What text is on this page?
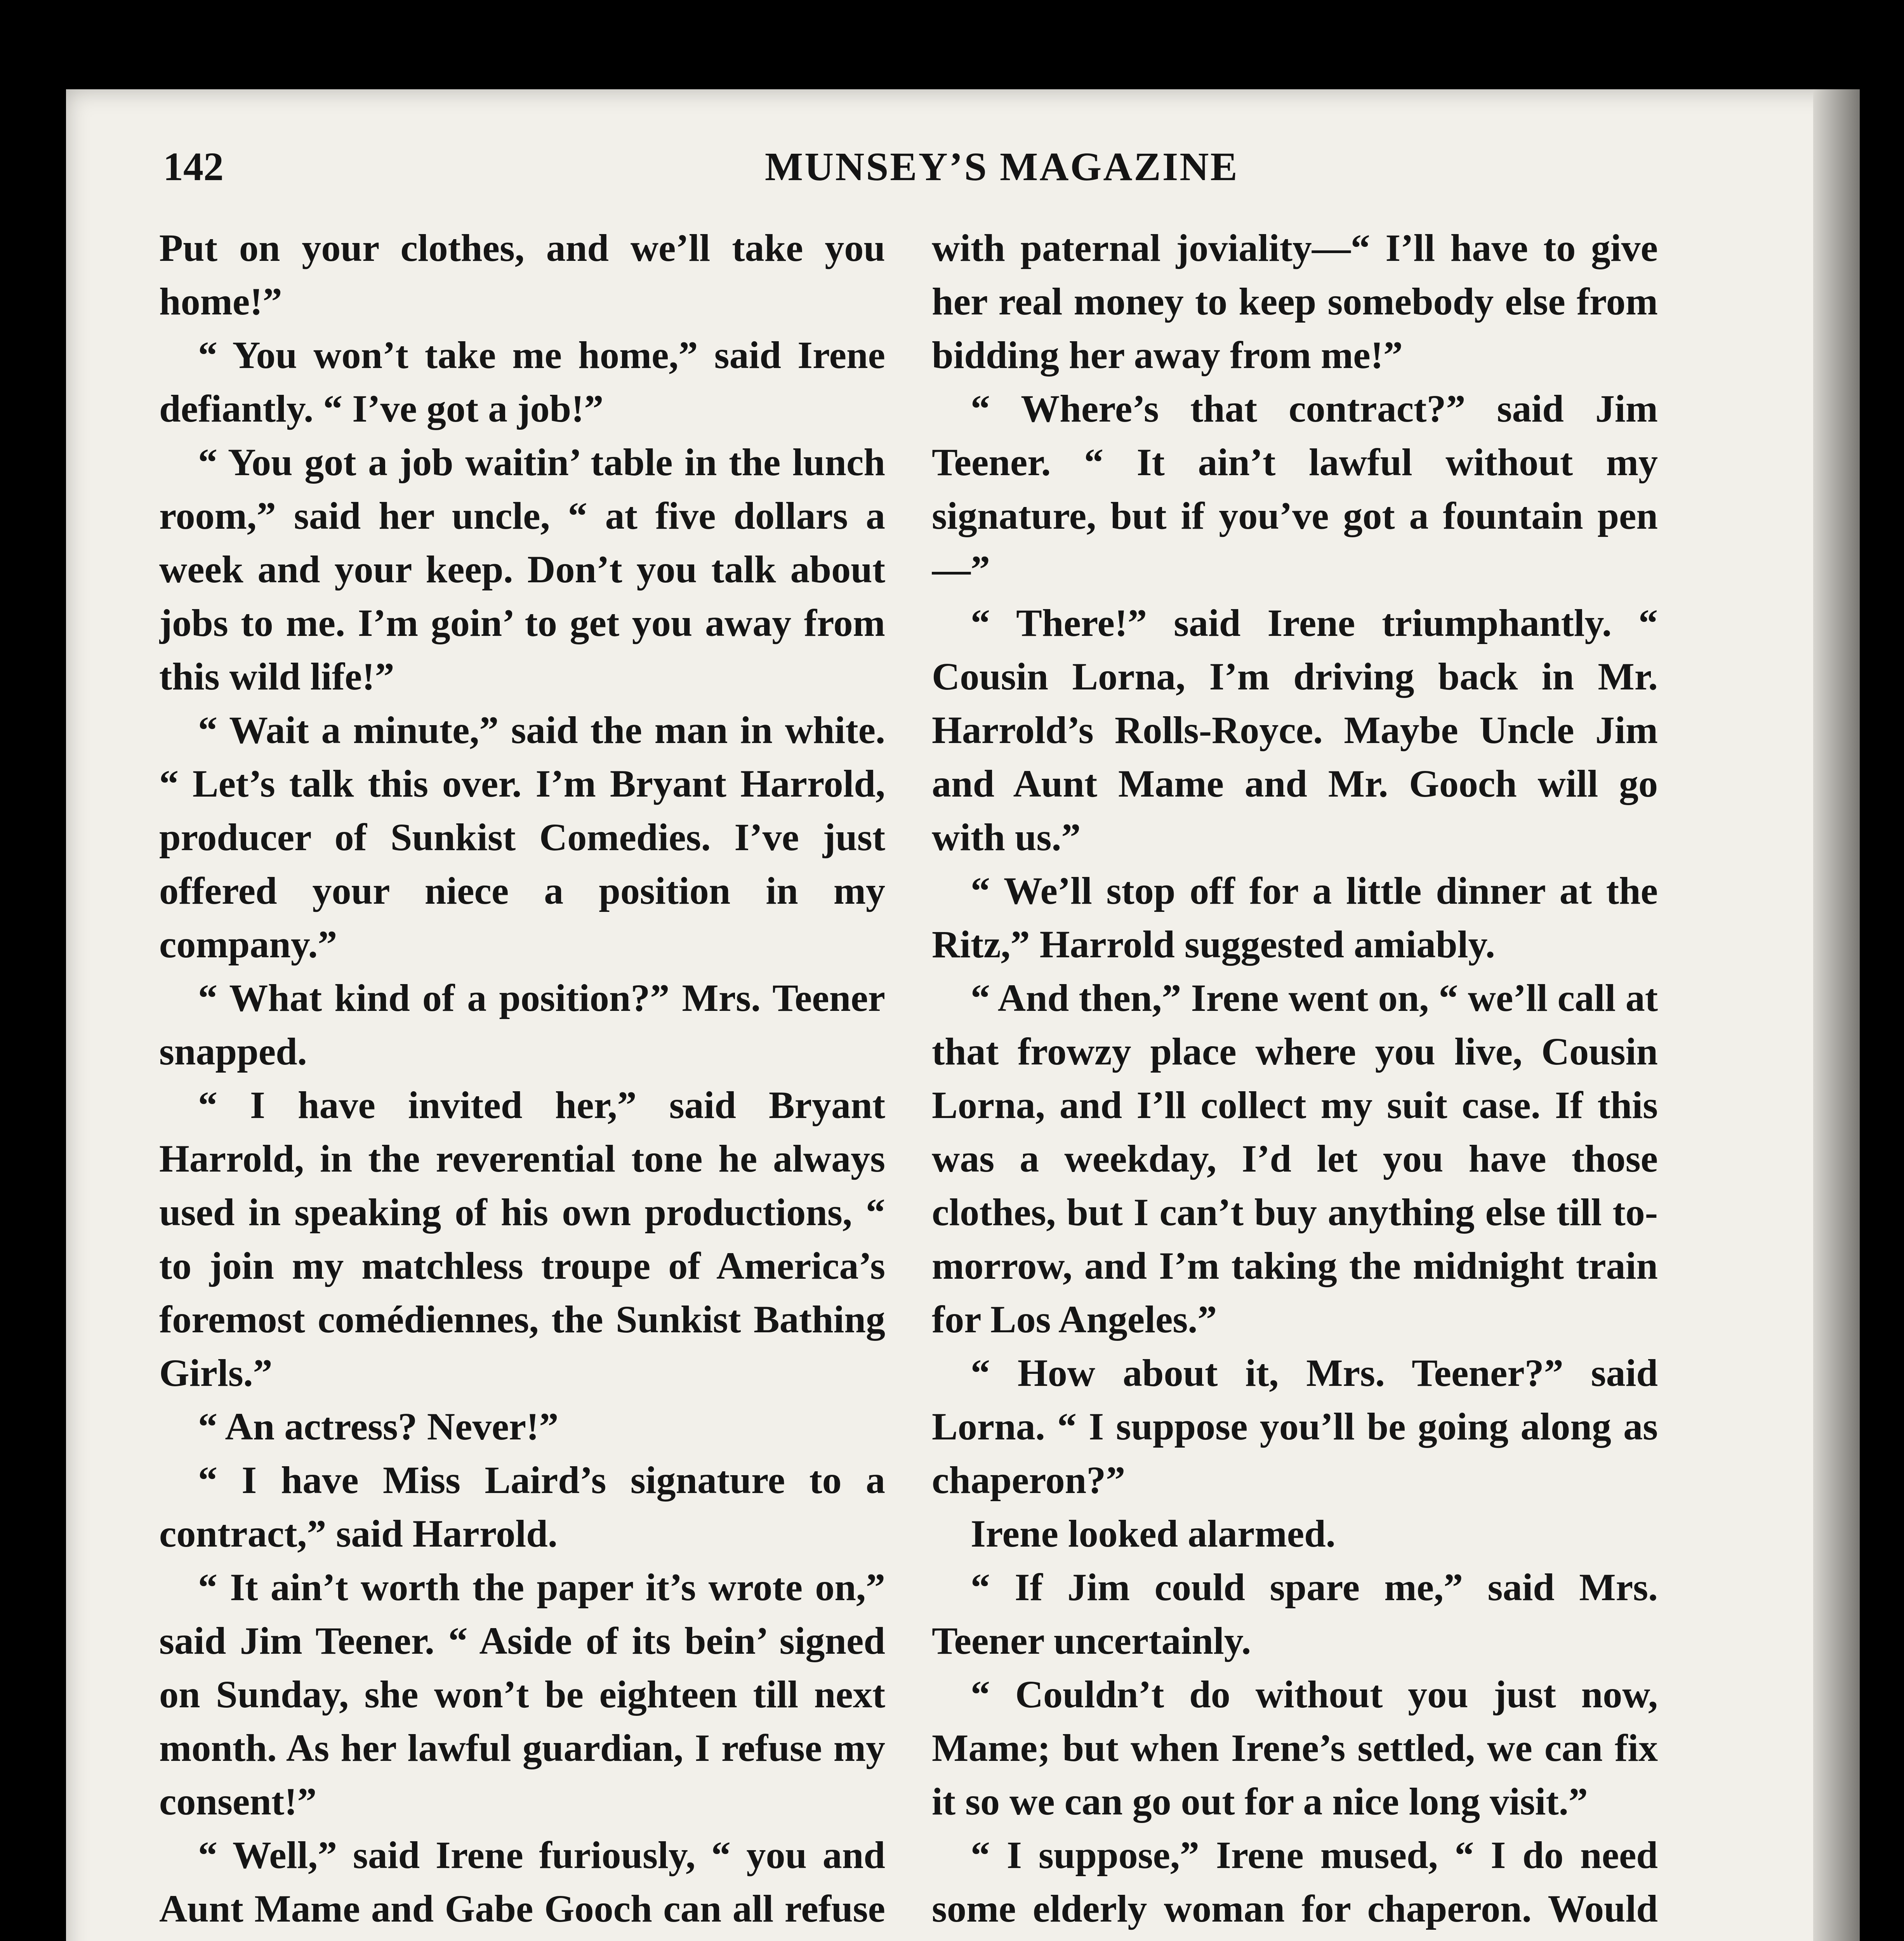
142	MUNSEY’S MAGAZINE

Put on your clothes, and we’ll take you home!”

“ You won’t take me home,” said Irene defiantly. “ I’ve got a job!”

“ You got a job waitin’ table in the lunch room,” said her uncle, “ at five dollars a week and your keep. Don’t you talk about jobs to me. I’m goin’ to get you away from this wild life!”

“ Wait a minute,” said the man in white. “ Let’s talk this over. I’m Bryant Harrold, producer of Sunkist Comedies. I’ve just offered your niece a position in my company.”

“ What kind of a position?” Mrs. Teener snapped.

“ I have invited her,” said Bryant Harrold, in the reverential tone he always used in speaking of his own productions, “ to join my matchless troupe of America’s foremost comédiennes, the Sunkist Bathing Girls.”

“ An actress? Never!”

“ I have Miss Laird’s signature to a contract,” said Harrold.

“ It ain’t worth the paper it’s wrote on,” said Jim Teener. “ Aside of its bein’ signed on Sunday, she won’t be eighteen till next month. As her lawful guardian, I refuse my consent!”

“ Well,” said Irene furiously, “ you and Aunt Mame and Gabe Gooch can all refuse

with paternal joviality—“ I’ll have to give her real money to keep somebody else from bidding her away from me!”

“ Where’s that contract?” said Jim Teener. “ It ain’t lawful without my signature, but if you’ve got a fountain pen—”

“ There!” said Irene triumphantly. “ Cousin Lorna, I’m driving back in Mr. Harrold’s Rolls-Royce. Maybe Uncle Jim and Aunt Mame and Mr. Gooch will go with us.”

“ We’ll stop off for a little dinner at the Ritz,” Harrold suggested amiably.

“ And then,” Irene went on, “ we’ll call at that frowzy place where you live, Cousin Lorna, and I’ll collect my suit case. If this was a weekday, I’d let you have those clothes, but I can’t buy anything else till to-morrow, and I’m taking the midnight train for Los Angeles.”

“ How about it, Mrs. Teener?” said Lorna. “ I suppose you’ll be going along as chaperon?”

Irene looked alarmed.

“ If Jim could spare me,” said Mrs. Teener uncertainly.

“ Couldn’t do without you just now, Mame; but when Irene’s settled, we can fix it so we can go out for a nice long visit.”

“ I suppose,” Irene mused, “ I do need some elderly woman for chaperon. Would
